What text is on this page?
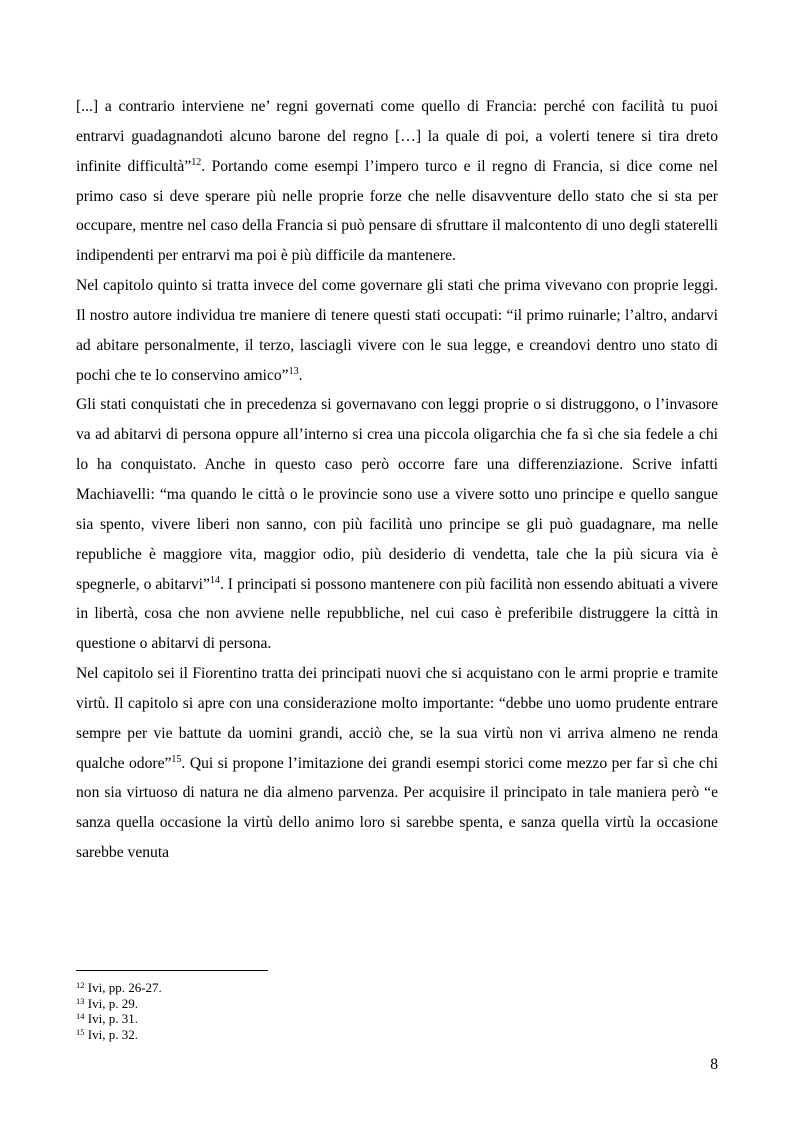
[...] a contrario interviene ne’ regni governati come quello di Francia: perché con facilità tu puoi entrarvi guadagnandoti alcuno barone del regno […] la quale di poi, a volerti tenere si tira dreto infinite difficultà”$^{12}$. Portando come esempi l’impero turco e il regno di Francia, si dice come nel primo caso si deve sperare più nelle proprie forze che nelle disavventure dello stato che si sta per occupare, mentre nel caso della Francia si può pensare di sfruttare il malcontento di uno degli staterelli indipendenti per entrarvi ma poi è più difficile da mantenere.

Nel capitolo quinto si tratta invece del come governare gli stati che prima vivevano con proprie leggi. Il nostro autore individua tre maniere di tenere questi stati occupati: “il primo ruinarle; l’altro, andarvi ad abitare personalmente, il terzo, lasciagli vivere con le sua legge, e creandovi dentro uno stato di pochi che te lo conservino amico”$^{13}$.

Gli stati conquistati che in precedenza si governavano con leggi proprie o si distruggono, o l’invasore va ad abitarvi di persona oppure all’interno si crea una piccola oligarchia che fa sì che sia fedele a chi lo ha conquistato. Anche in questo caso però occorre fare una differenziazione. Scrive infatti Machiavelli: “ma quando le città o le provincie sono use a vivere sotto uno principe e quello sangue sia spento, vivere liberi non sanno, con più facilità uno principe se gli può guadagnare, ma nelle republiche è maggiore vita, maggior odio, più desiderio di vendetta, tale che la più sicura via è spegnerle, o abitarvi”$^{14}$. I principati si possono mantenere con più facilità non essendo abituati a vivere in libertà, cosa che non avviene nelle repubbliche, nel cui caso è preferibile distruggere la città in questione o abitarvi di persona.

Nel capitolo sei il Fiorentino tratta dei principati nuovi che si acquistano con le armi proprie e tramite virtù. Il capitolo si apre con una considerazione molto importante: “debbe uno uomo prudente entrare sempre per vie battute da uomini grandi, acciò che, se la sua virtù non vi arriva almeno ne renda qualche odore”$^{15}$. Qui si propone l’imitazione dei grandi esempi storici come mezzo per far sì che chi non sia virtuoso di natura ne dia almeno parvenza. Per acquisire il principato in tale maniera però “e sanza quella occasione la virtù dello animo loro si sarebbe spenta, e sanza quella virtù la occasione sarebbe venuta

$^{12}$ Ivi, pp. 26-27.
$^{13}$ Ivi, p. 29.
$^{14}$ Ivi, p. 31.
$^{15}$ Ivi, p. 32.
8
